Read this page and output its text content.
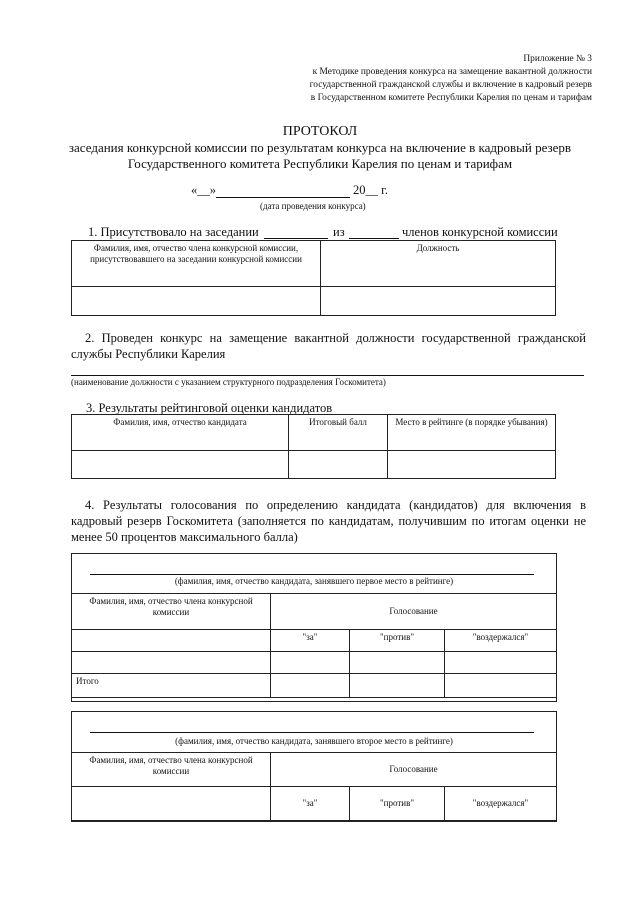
Приложение № 3
к Методике проведения конкурса на замещение вакантной должности
государственной гражданской службы и включение в кадровый резерв
в Государственном комитете Республики Карелия по ценам и тарифам
ПРОТОКОЛ
заседания конкурсной комиссии по результатам конкурса на включение в кадровый резерв
Государственного комитета Республики Карелия по ценам и тарифам
«__»	20__ г.
(дата проведения конкурса)
1. Присутствовало на заседании	из	членов конкурсной комиссии
Фамилия, имя, отчество члена конкурсной комиссии, присутствовавшего на заседании конкурсной комиссии	Должность

2. Проведен конкурс на замещение вакантной должности государственной гражданской службы Республики Карелия
(наименование должности с указанием структурного подразделения Госкомитета)
3. Результаты рейтинговой оценки кандидатов
Фамилия, имя, отчество кандидата	Итоговый балл	Место в рейтинге (в порядке убывания)

4. Результаты голосования по определению кандидата (кандидатов) для включения в кадровый резерв Госкомитета (заполняется по кандидатам, получившим по итогам оценки не менее 50 процентов максимального балла)
(фамилия, имя, отчество кандидата, занявшего первое место в рейтинге)
Фамилия, имя, отчество члена конкурсной комиссии	Голосование		
	"за"	"против"	"воздержался"

Итого			
(фамилия, имя, отчество кандидата, занявшего второе место в рейтинге)
Фамилия, имя, отчество члена конкурсной комиссии	Голосование		
	"за"	"против"	"воздержался"
